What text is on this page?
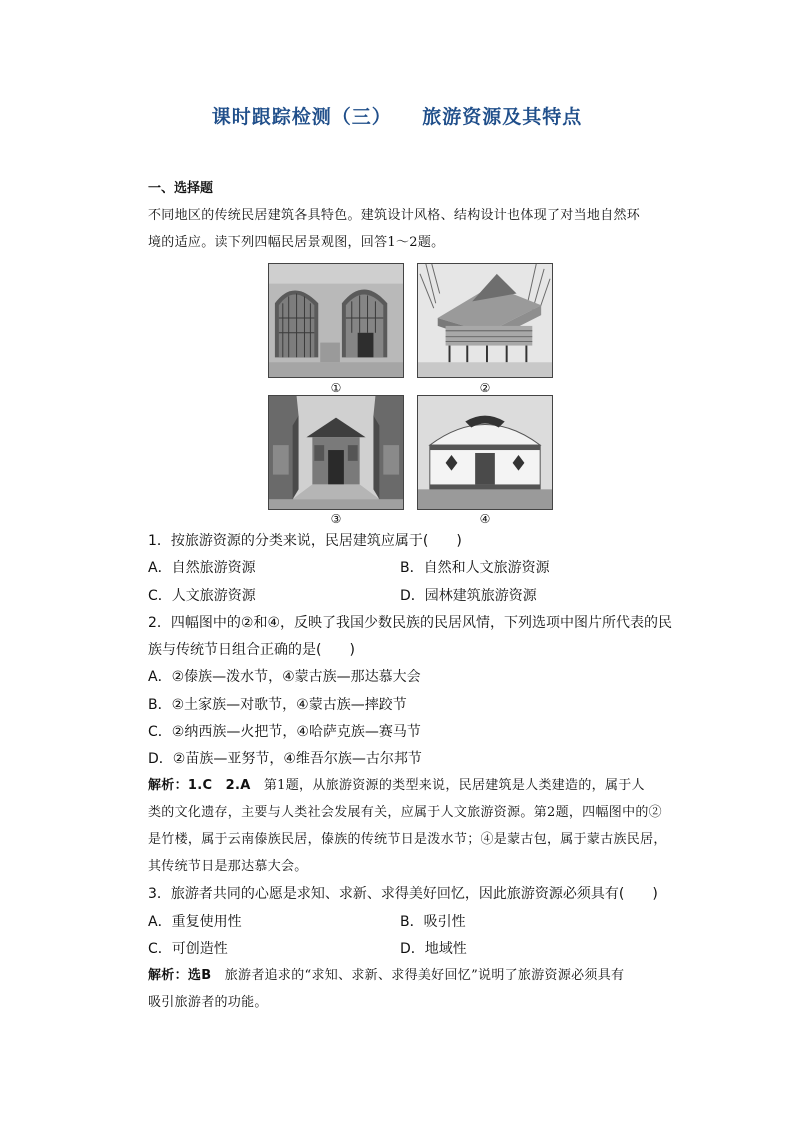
课时跟踪检测（三）    旅游资源及其特点
一、选择题
不同地区的传统民居建筑各具特色。建筑设计风格、结构设计也体现了对当地自然环
境的适应。读下列四幅民居景观图，回答1～2题。
①	②
③	④
1．按旅游资源的分类来说，民居建筑应属于(　　)
A．自然旅游资源	B．自然和人文旅游资源
C．人文旅游资源	D．园林建筑旅游资源
2．四幅图中的②和④，反映了我国少数民族的民居风情，下列选项中图片所代表的民
族与传统节日组合正确的是(　　)
A．②傣族—泼水节，④蒙古族—那达慕大会
B．②土家族—对歌节，④蒙古族—摔跤节
C．②纳西族—火把节，④哈萨克族—赛马节
D．②苗族—亚努节，④维吾尔族—古尔邦节
解析：1.C　2.A　第1题，从旅游资源的类型来说，民居建筑是人类建造的，属于人
类的文化遗存，主要与人类社会发展有关，应属于人文旅游资源。第2题，四幅图中的②
是竹楼，属于云南傣族民居，傣族的传统节日是泼水节；④是蒙古包，属于蒙古族民居，
其传统节日是那达慕大会。
3．旅游者共同的心愿是求知、求新、求得美好回忆，因此旅游资源必须具有(　　)
A．重复使用性	B．吸引性
C．可创造性	D．地域性
解析：选B　旅游者追求的“求知、求新、求得美好回忆”说明了旅游资源必须具有
吸引旅游者的功能。
